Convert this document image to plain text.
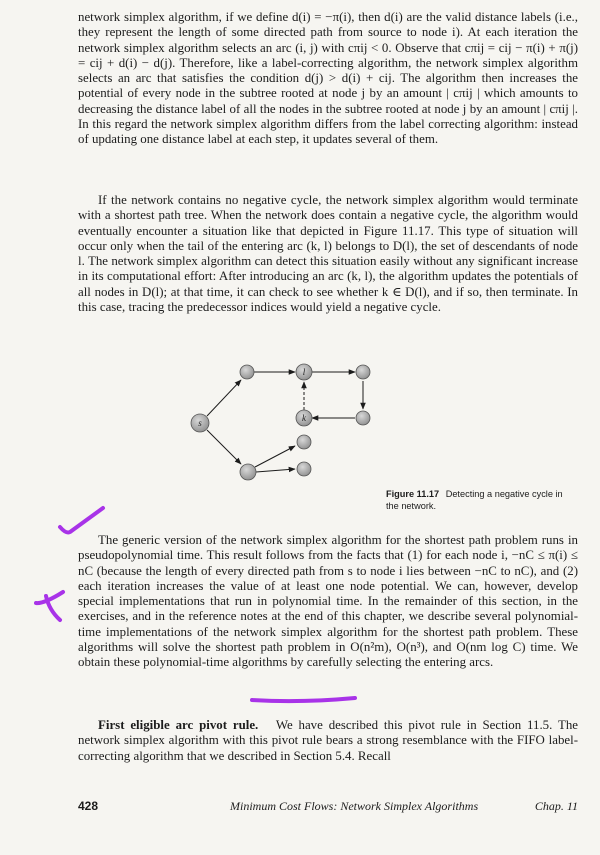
network simplex algorithm, if we define d(i) = −π(i), then d(i) are the valid distance labels (i.e., they represent the length of some directed path from source to node i). At each iteration the network simplex algorithm selects an arc (i, j) with cπij < 0. Observe that cπij = cij − π(i) + π(j) = cij + d(i) − d(j). Therefore, like a label-correcting algorithm, the network simplex algorithm selects an arc that satisfies the condition d(j) > d(i) + cij. The algorithm then increases the potential of every node in the subtree rooted at node j by an amount | cπij | which amounts to decreasing the distance label of all the nodes in the subtree rooted at node j by an amount | cπij |. In this regard the network simplex algorithm differs from the label correcting algorithm: instead of updating one distance label at each step, it updates several of them.

If the network contains no negative cycle, the network simplex algorithm would terminate with a shortest path tree. When the network does contain a negative cycle, the algorithm would eventually encounter a situation like that depicted in Figure 11.17. This type of situation will occur only when the tail of the entering arc (k, l) belongs to D(l), the set of descendants of node l. The network simplex algorithm can detect this situation easily without any significant increase in its computational effort: After introducing an arc (k, l), the algorithm updates the potentials of all nodes in D(l); at that time, it can check to see whether k ∈ D(l), and if so, then terminate. In this case, tracing the predecessor indices would yield a negative cycle.

s
l
k
Figure 11.17 Detecting a negative cycle in the network.

The generic version of the network simplex algorithm for the shortest path problem runs in pseudopolynomial time. This result follows from the facts that (1) for each node i, −nC ≤ π(i) ≤ nC (because the length of every directed path from s to node i lies between −nC to nC), and (2) each iteration increases the value of at least one node potential. We can, however, develop special implementations that run in polynomial time. In the remainder of this section, in the exercises, and in the reference notes at the end of this chapter, we describe several polynomial-time implementations of the network simplex algorithm for the shortest path problem. These algorithms will solve the shortest path problem in O(n²m), O(n³), and O(nm log C) time. We obtain these polynomial-time algorithms by carefully selecting the entering arcs.

First eligible arc pivot rule. We have described this pivot rule in Section 11.5. The network simplex algorithm with this pivot rule bears a strong resemblance with the FIFO label-correcting algorithm that we described in Section 5.4. Recall

428	Minimum Cost Flows: Network Simplex Algorithms	Chap. 11
